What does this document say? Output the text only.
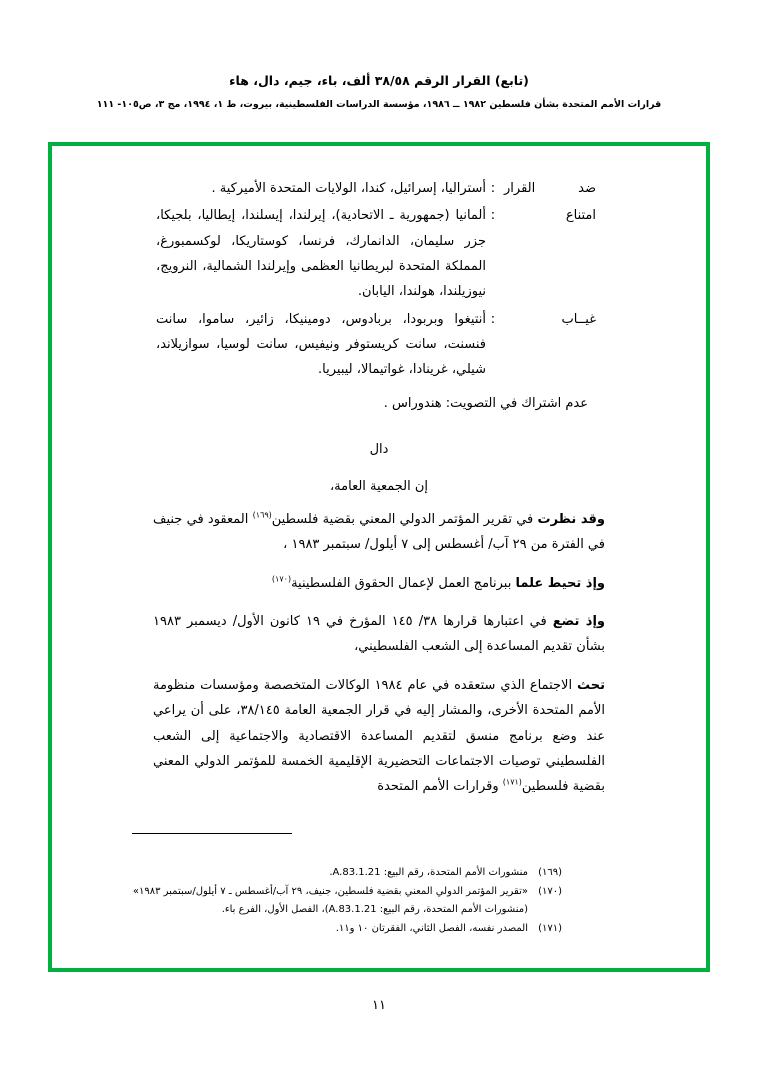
(تابع) القرار الرقم ٣٨/٥٨ ألف، باء، جيم، دال، هاء
قرارات الأمم المتحدة بشأن فلسطين ١٩٨٢ ــ ١٩٨٦، مؤسسة الدراسات الفلسطينية، بيروت، ط ١، ١٩٩٤، مج ٣، ص١٠٥- ١١١
ضد القرار
:
أستراليا، إسرائيل، كندا، الولايات المتحدة الأميركية .
امتناع
:
ألمانيا (جمهورية ـ الاتحادية)، إيرلندا، إيسلندا، إيطاليا، بلجيكا، جزر سليمان، الدانمارك، فرنسا، كوستاريكا، لوكسمبورغ، المملكة المتحدة لبريطانيا العظمى وإيرلندا الشمالية، النرويج، نيوزيلندا، هولندا، اليابان.
غيــاب
:
أنتيغوا وبربودا، بربادوس، دومينيكا، زائير، ساموا، سانت فنسنت، سانت كريستوفر ونيفيس، سانت لوسيا، سوازيلاند، شيلي، غرينادا، غواتيمالا، ليبيريا.
عدم اشتراك في التصويت: هندوراس .
دال
إن الجمعية العامة،

وقد نظرت في تقرير المؤتمر الدولي المعني بقضية فلسطين$^{(١٦٩)}$ المعقود في جنيف في الفترة من ٢٩ آب/ أغسطس إلى ٧ أيلول/ سبتمبر ١٩٨٣ ،

وإذ تحيط علما ببرنامج العمل لإعمال الحقوق الفلسطينية$^{(١٧٠)}$

وإذ تضع في اعتبارها قرارها ٣٨/ ١٤٥ المؤرخ في ١٩ كانون الأول/ ديسمبر ١٩٨٣ بشأن تقديم المساعدة إلى الشعب الفلسطيني،

تحث الاجتماع الذي ستعقده في عام ١٩٨٤ الوكالات المتخصصة ومؤسسات منظومة الأمم المتحدة الأخرى، والمشار إليه في قرار الجمعية العامة ٣٨/١٤٥، على أن يراعي عند وضع برنامج منسق لتقديم المساعدة الاقتصادية والاجتماعية إلى الشعب الفلسطيني توصيات الاجتماعات التحضيرية الإقليمية الخمسة للمؤتمر الدولي المعني بقضية فلسطين$^{(١٧١)}$ وقرارات الأمم المتحدة

(١٦٩)
منشورات الأمم المتحدة، رقم البيع: A.83.1.21.
(١٧٠)
«تقرير المؤتمر الدولي المعني بقضية فلسطين، جنيف، ٢٩ آب/أغسطس ـ ٧ أيلول/سبتمبر ١٩٨٣» (منشورات الأمم المتحدة، رقم البيع: A.83.1.21)، الفصل الأول، الفرع باء.
(١٧١)
المصدر نفسه، الفصل الثاني، الفقرتان ١٠ و١١.
١١
